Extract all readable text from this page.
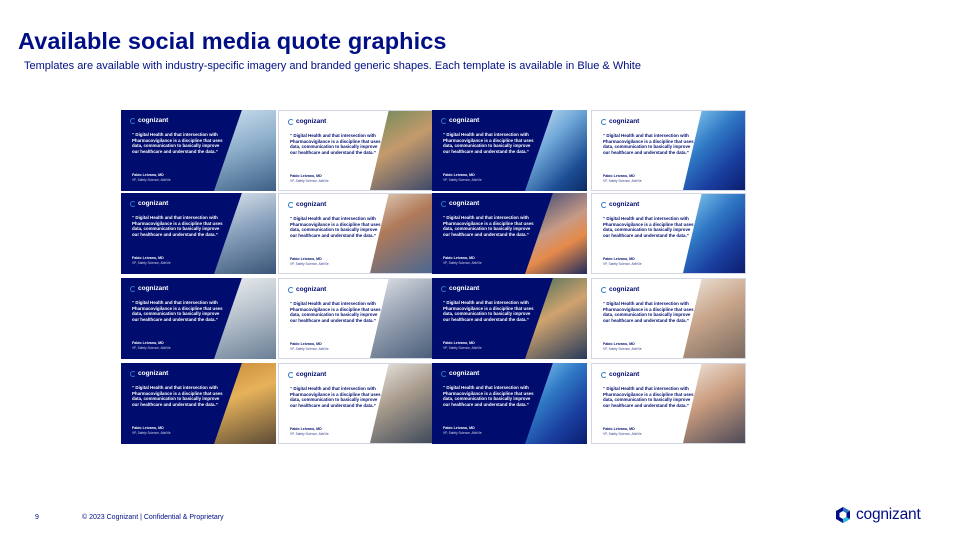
Available social media quote graphics
Templates are available with industry-specific imagery and branded generic shapes. Each template is available in Blue & White
cognizant
“ Digital Health and that intersection with Pharmacovigilance is a discipline that uses data, communication to basically improve our healthcare and understand the data.”
Fabio Leivano, MD
VP, Safety Science, AbbVie
cognizant
“ Digital Health and that intersection with Pharmacovigilance is a discipline that uses data, communication to basically improve our healthcare and understand the data.”
Fabio Leivano, MD
VP, Safety Science, AbbVie
cognizant
“ Digital Health and that intersection with Pharmacovigilance is a discipline that uses data, communication to basically improve our healthcare and understand the data.”
Fabio Leivano, MD
VP, Safety Science, AbbVie
cognizant
“ Digital Health and that intersection with Pharmacovigilance is a discipline that uses data, communication to basically improve our healthcare and understand the data.”
Fabio Leivano, MD
VP, Safety Science, AbbVie
cognizant
“ Digital Health and that intersection with Pharmacovigilance is a discipline that uses data, communication to basically improve our healthcare and understand the data.”
Fabio Leivano, MD
VP, Safety Science, AbbVie
cognizant
“ Digital Health and that intersection with Pharmacovigilance is a discipline that uses data, communication to basically improve our healthcare and understand the data.”
Fabio Leivano, MD
VP, Safety Science, AbbVie
cognizant
“ Digital Health and that intersection with Pharmacovigilance is a discipline that uses data, communication to basically improve our healthcare and understand the data.”
Fabio Leivano, MD
VP, Safety Science, AbbVie
cognizant
“ Digital Health and that intersection with Pharmacovigilance is a discipline that uses data, communication to basically improve our healthcare and understand the data.”
Fabio Leivano, MD
VP, Safety Science, AbbVie
cognizant
“ Digital Health and that intersection with Pharmacovigilance is a discipline that uses data, communication to basically improve our healthcare and understand the data.”
Fabio Leivano, MD
VP, Safety Science, AbbVie
cognizant
“ Digital Health and that intersection with Pharmacovigilance is a discipline that uses data, communication to basically improve our healthcare and understand the data.”
Fabio Leivano, MD
VP, Safety Science, AbbVie
cognizant
“ Digital Health and that intersection with Pharmacovigilance is a discipline that uses data, communication to basically improve our healthcare and understand the data.”
Fabio Leivano, MD
VP, Safety Science, AbbVie
cognizant
“ Digital Health and that intersection with Pharmacovigilance is a discipline that uses data, communication to basically improve our healthcare and understand the data.”
Fabio Leivano, MD
VP, Safety Science, AbbVie
cognizant
“ Digital Health and that intersection with Pharmacovigilance is a discipline that uses data, communication to basically improve our healthcare and understand the data.”
Fabio Leivano, MD
VP, Safety Science, AbbVie
cognizant
“ Digital Health and that intersection with Pharmacovigilance is a discipline that uses data, communication to basically improve our healthcare and understand the data.”
Fabio Leivano, MD
VP, Safety Science, AbbVie
cognizant
“ Digital Health and that intersection with Pharmacovigilance is a discipline that uses data, communication to basically improve our healthcare and understand the data.”
Fabio Leivano, MD
VP, Safety Science, AbbVie
cognizant
“ Digital Health and that intersection with Pharmacovigilance is a discipline that uses data, communication to basically improve our healthcare and understand the data.”
Fabio Leivano, MD
VP, Safety Science, AbbVie
9	© 2023 Cognizant | Confidential & Proprietary	cognizant
